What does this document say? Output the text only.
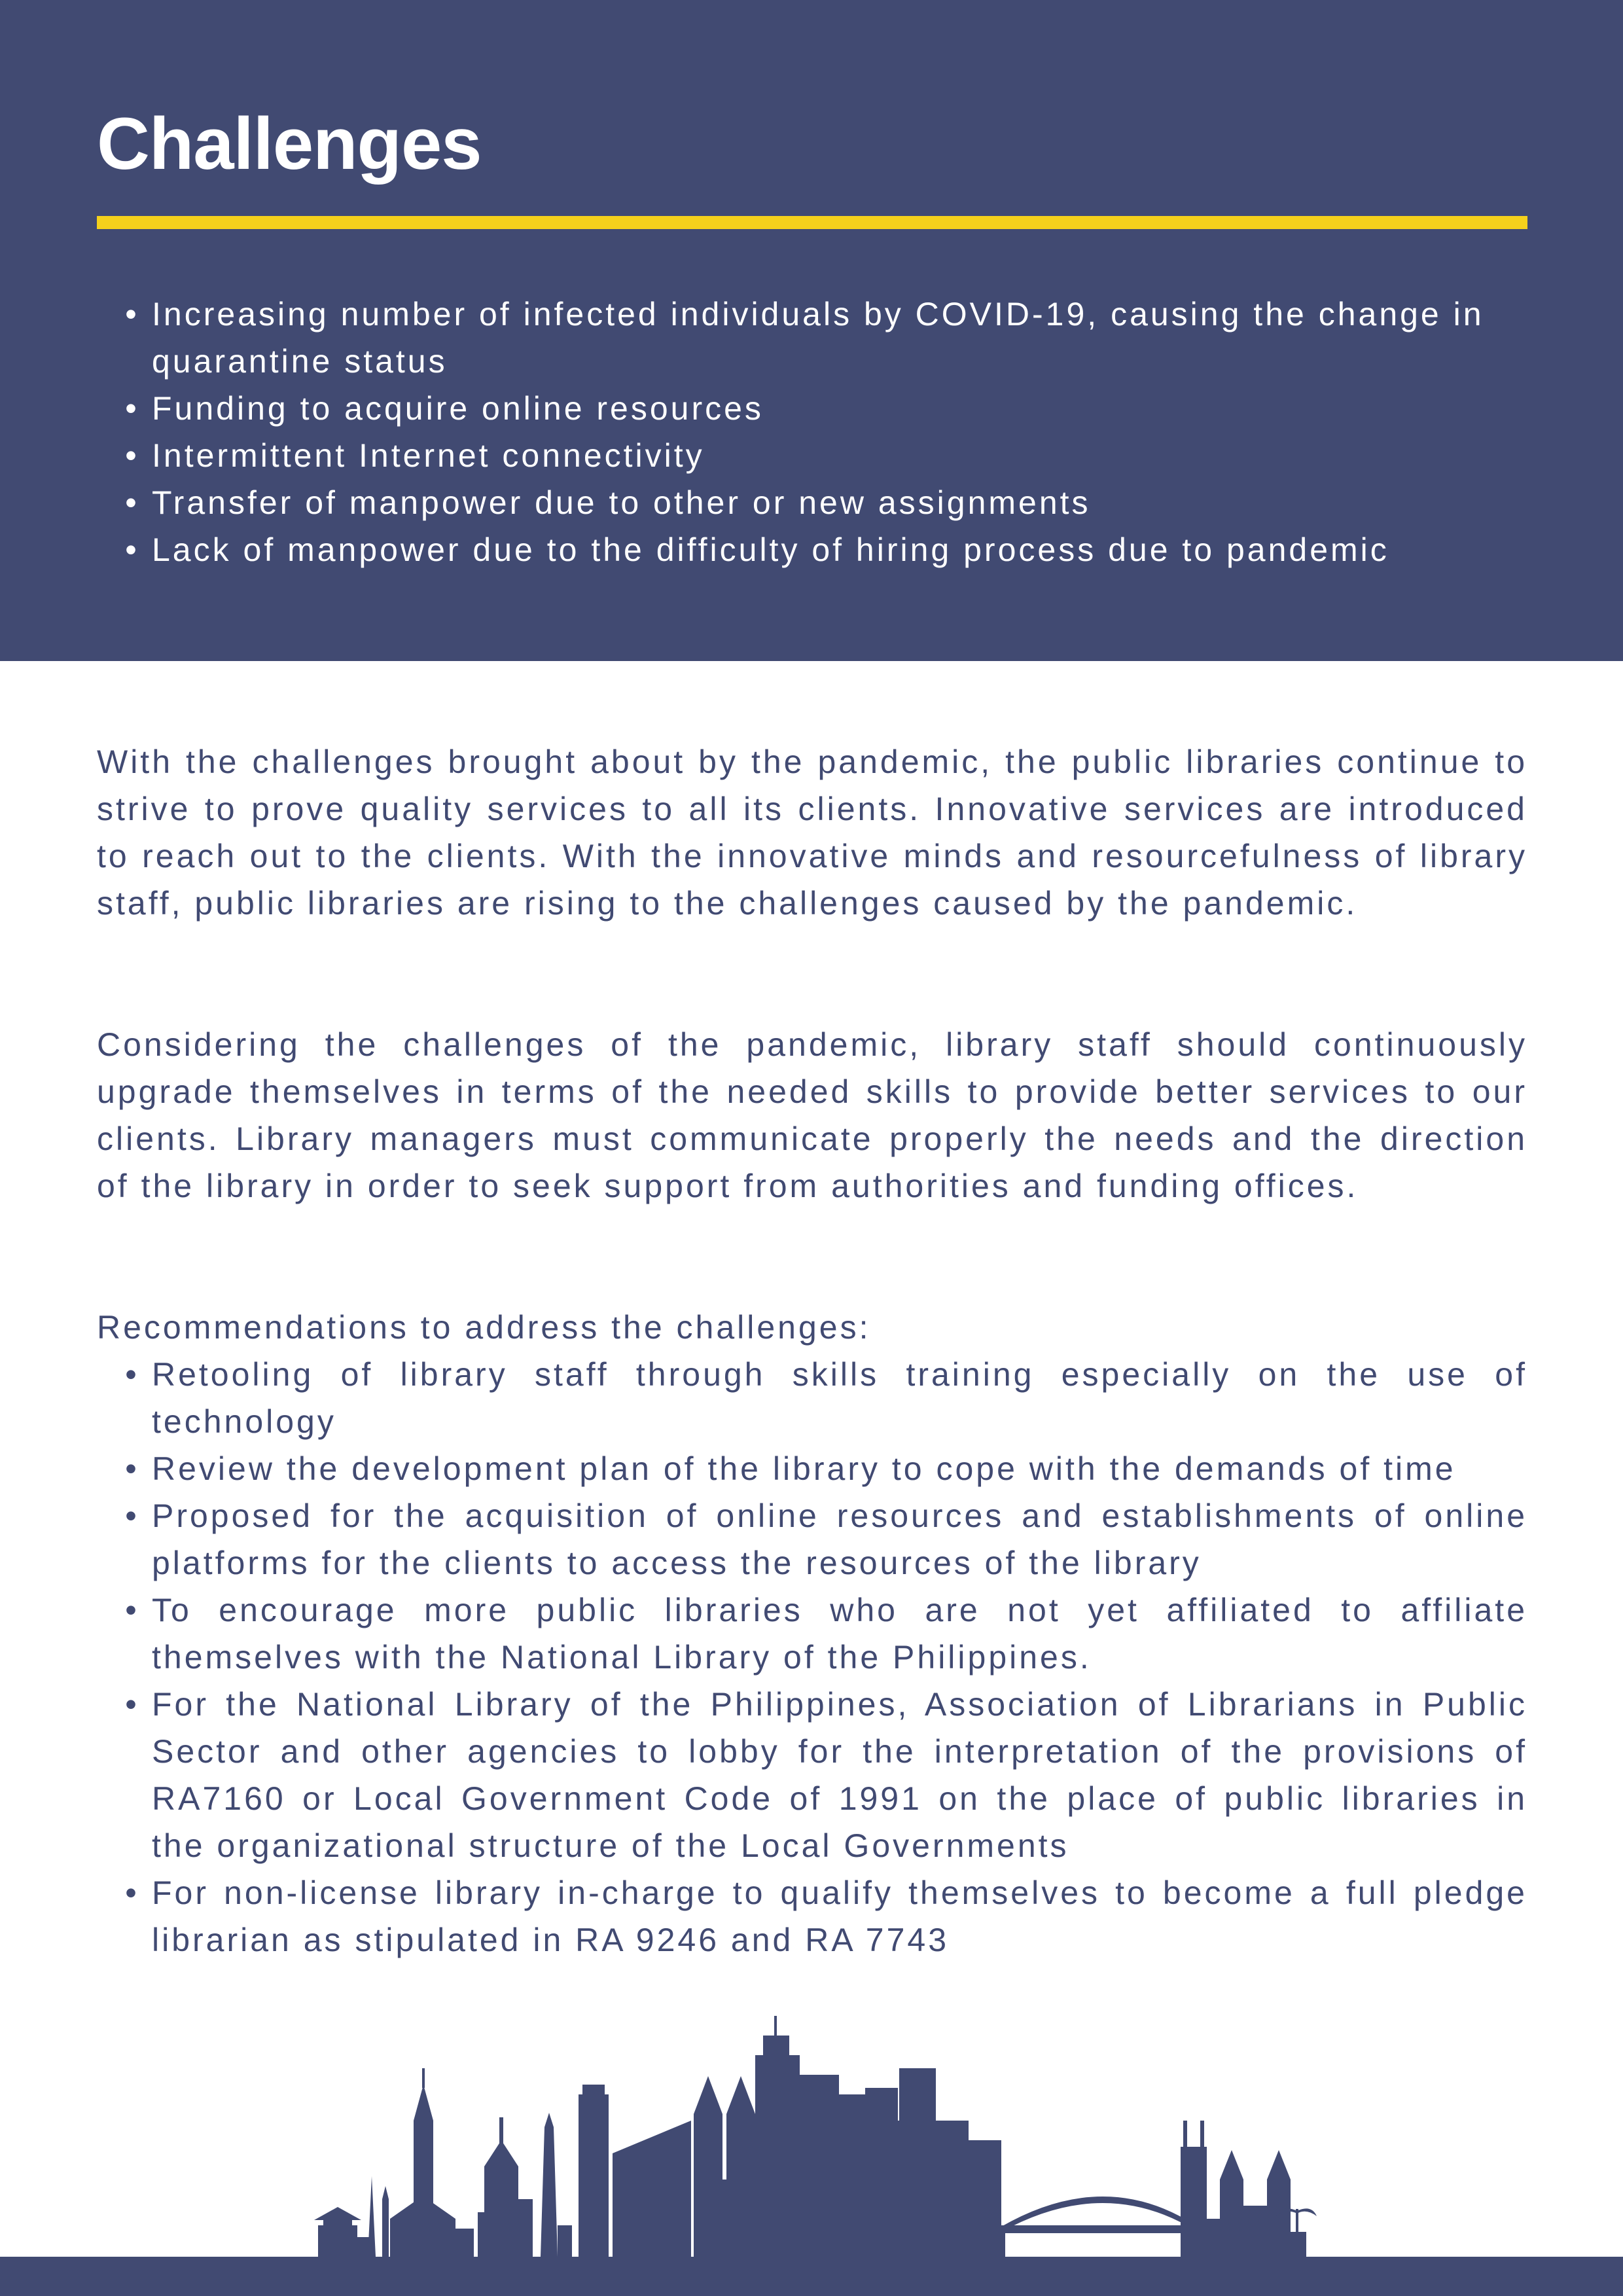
Challenges
• Increasing number of infected individuals by COVID-19, causing the change in quarantine status
• Funding to acquire online resources
• Intermittent Internet connectivity
• Transfer of manpower due to other or new assignments
• Lack of manpower due to the difficulty of hiring process due to pandemic

With the challenges brought about by the pandemic, the public libraries continue to strive to prove quality services to all its clients. Innovative services are introduced to reach out to the clients. With the innovative minds and resourcefulness of library staff, public libraries are rising to the challenges caused by the pandemic.

Considering the challenges of the pandemic, library staff should continuously upgrade themselves in terms of the needed skills to provide better services to our clients. Library managers must communicate properly the needs and the direction of the library in order to seek support from authorities and funding offices.

Recommendations to address the challenges:

• Retooling of library staff through skills training especially on the use of technology
• Review the development plan of the library to cope with the demands of time
• Proposed for the acquisition of online resources and establishments of online platforms for the clients to access the resources of the library
• To encourage more public libraries who are not yet affiliated to affiliate themselves with the National Library of the Philippines.
• For the National Library of the Philippines, Association of Librarians in Public Sector and other agencies to lobby for the interpretation of the provisions of RA7160 or Local Government Code of 1991 on the place of public libraries in the organizational structure of the Local Governments
• For non-license library in-charge to qualify themselves to become a full pledge librarian as stipulated in RA 9246 and RA 7743
